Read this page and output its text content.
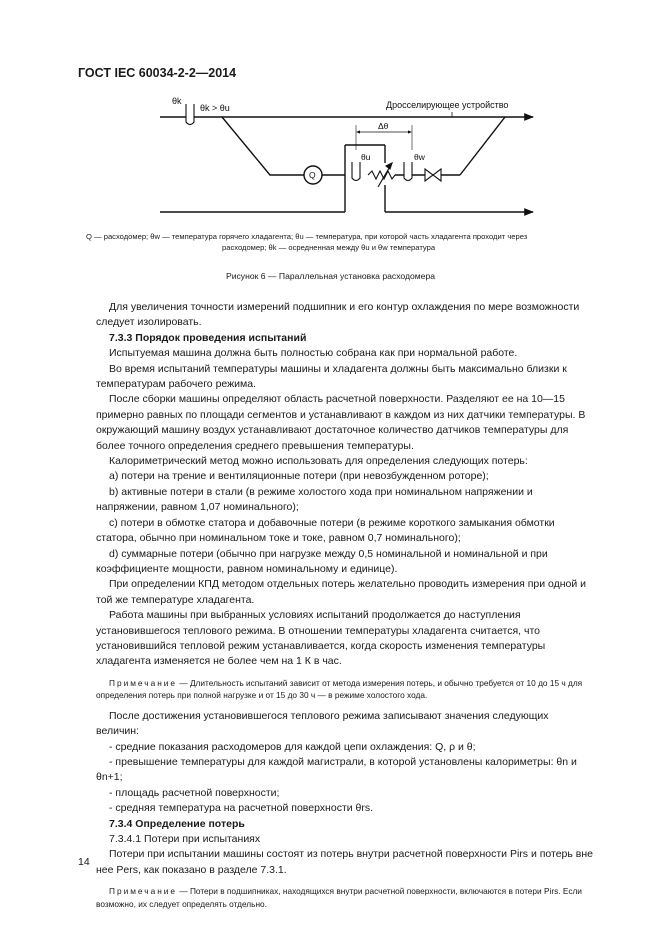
ГОСТ IEC 60034-2-2—2014
θk
θk > θu	Дросселирующее устройство
Δθ
Q
θu	θw
Q — расходомер; θw — температура горячего хладагента; θu — температура, при которой часть хладагента проходит через
расходомер; θk — осредненная между θu и θw температура
Рисунок 6 — Параллельная установка расходомера

Для увеличения точности измерений подшипник и его контур охлаждения по мере возможности следует изолировать.

7.3.3 Порядок проведения испытаний

Испытуемая машина должна быть полностью собрана как при нормальной работе.

Во время испытаний температуры машины и хладагента должны быть максимально близки к температурам рабочего режима.

После сборки машины определяют область расчетной поверхности. Разделяют ее на 10—15 примерно равных по площади сегментов и устанавливают в каждом из них датчики температуры. В окружающий машину воздух устанавливают достаточное количество датчиков температуры для более точного определения среднего превышения температуры.

Калориметрический метод можно использовать для определения следующих потерь:

a) потери на трение и вентиляционные потери (при невозбужденном роторе);

b) активные потери в стали (в режиме холостого хода при номинальном напряжении и напряжении, равном 1,07 номинального);

c) потери в обмотке статора и добавочные потери (в режиме короткого замыкания обмотки статора, обычно при номинальном токе и токе, равном 0,7 номинального);

d) суммарные потери (обычно при нагрузке между 0,5 номинальной и номинальной и при коэффициенте мощности, равном номинальному и единице).

При определении КПД методом отдельных потерь желательно проводить измерения при одной и той же температуре хладагента.

Работа машины при выбранных условиях испытаний продолжается до наступления установившегося теплового режима. В отношении температуры хладагента считается, что установившийся тепловой режим устанавливается, когда скорость изменения температуры хладагента изменяется не более чем на 1 К в час.

Примечание — Длительность испытаний зависит от метода измерения потерь, и обычно требуется от 10 до 15 ч для определения потерь при полной нагрузке и от 15 до 30 ч — в режиме холостого хода.

После достижения установившегося теплового режима записывают значения следующих величин:

- средние показания расходомеров для каждой цепи охлаждения: Q, ρ и θ;

- превышение температуры для каждой магистрали, в которой установлены калориметры: θn и θn+1;

- площадь расчетной поверхности;

- средняя температура на расчетной поверхности θrs.

7.3.4 Определение потерь

7.3.4.1 Потери при испытаниях

Потери при испытании машины состоят из потерь внутри расчетной поверхности Pirs и потерь вне нее Pers, как показано в разделе 7.3.1.

Примечание — Потери в подшипниках, находящихся внутри расчетной поверхности, включаются в потери Pirs. Если возможно, их следует определять отдельно.

14
